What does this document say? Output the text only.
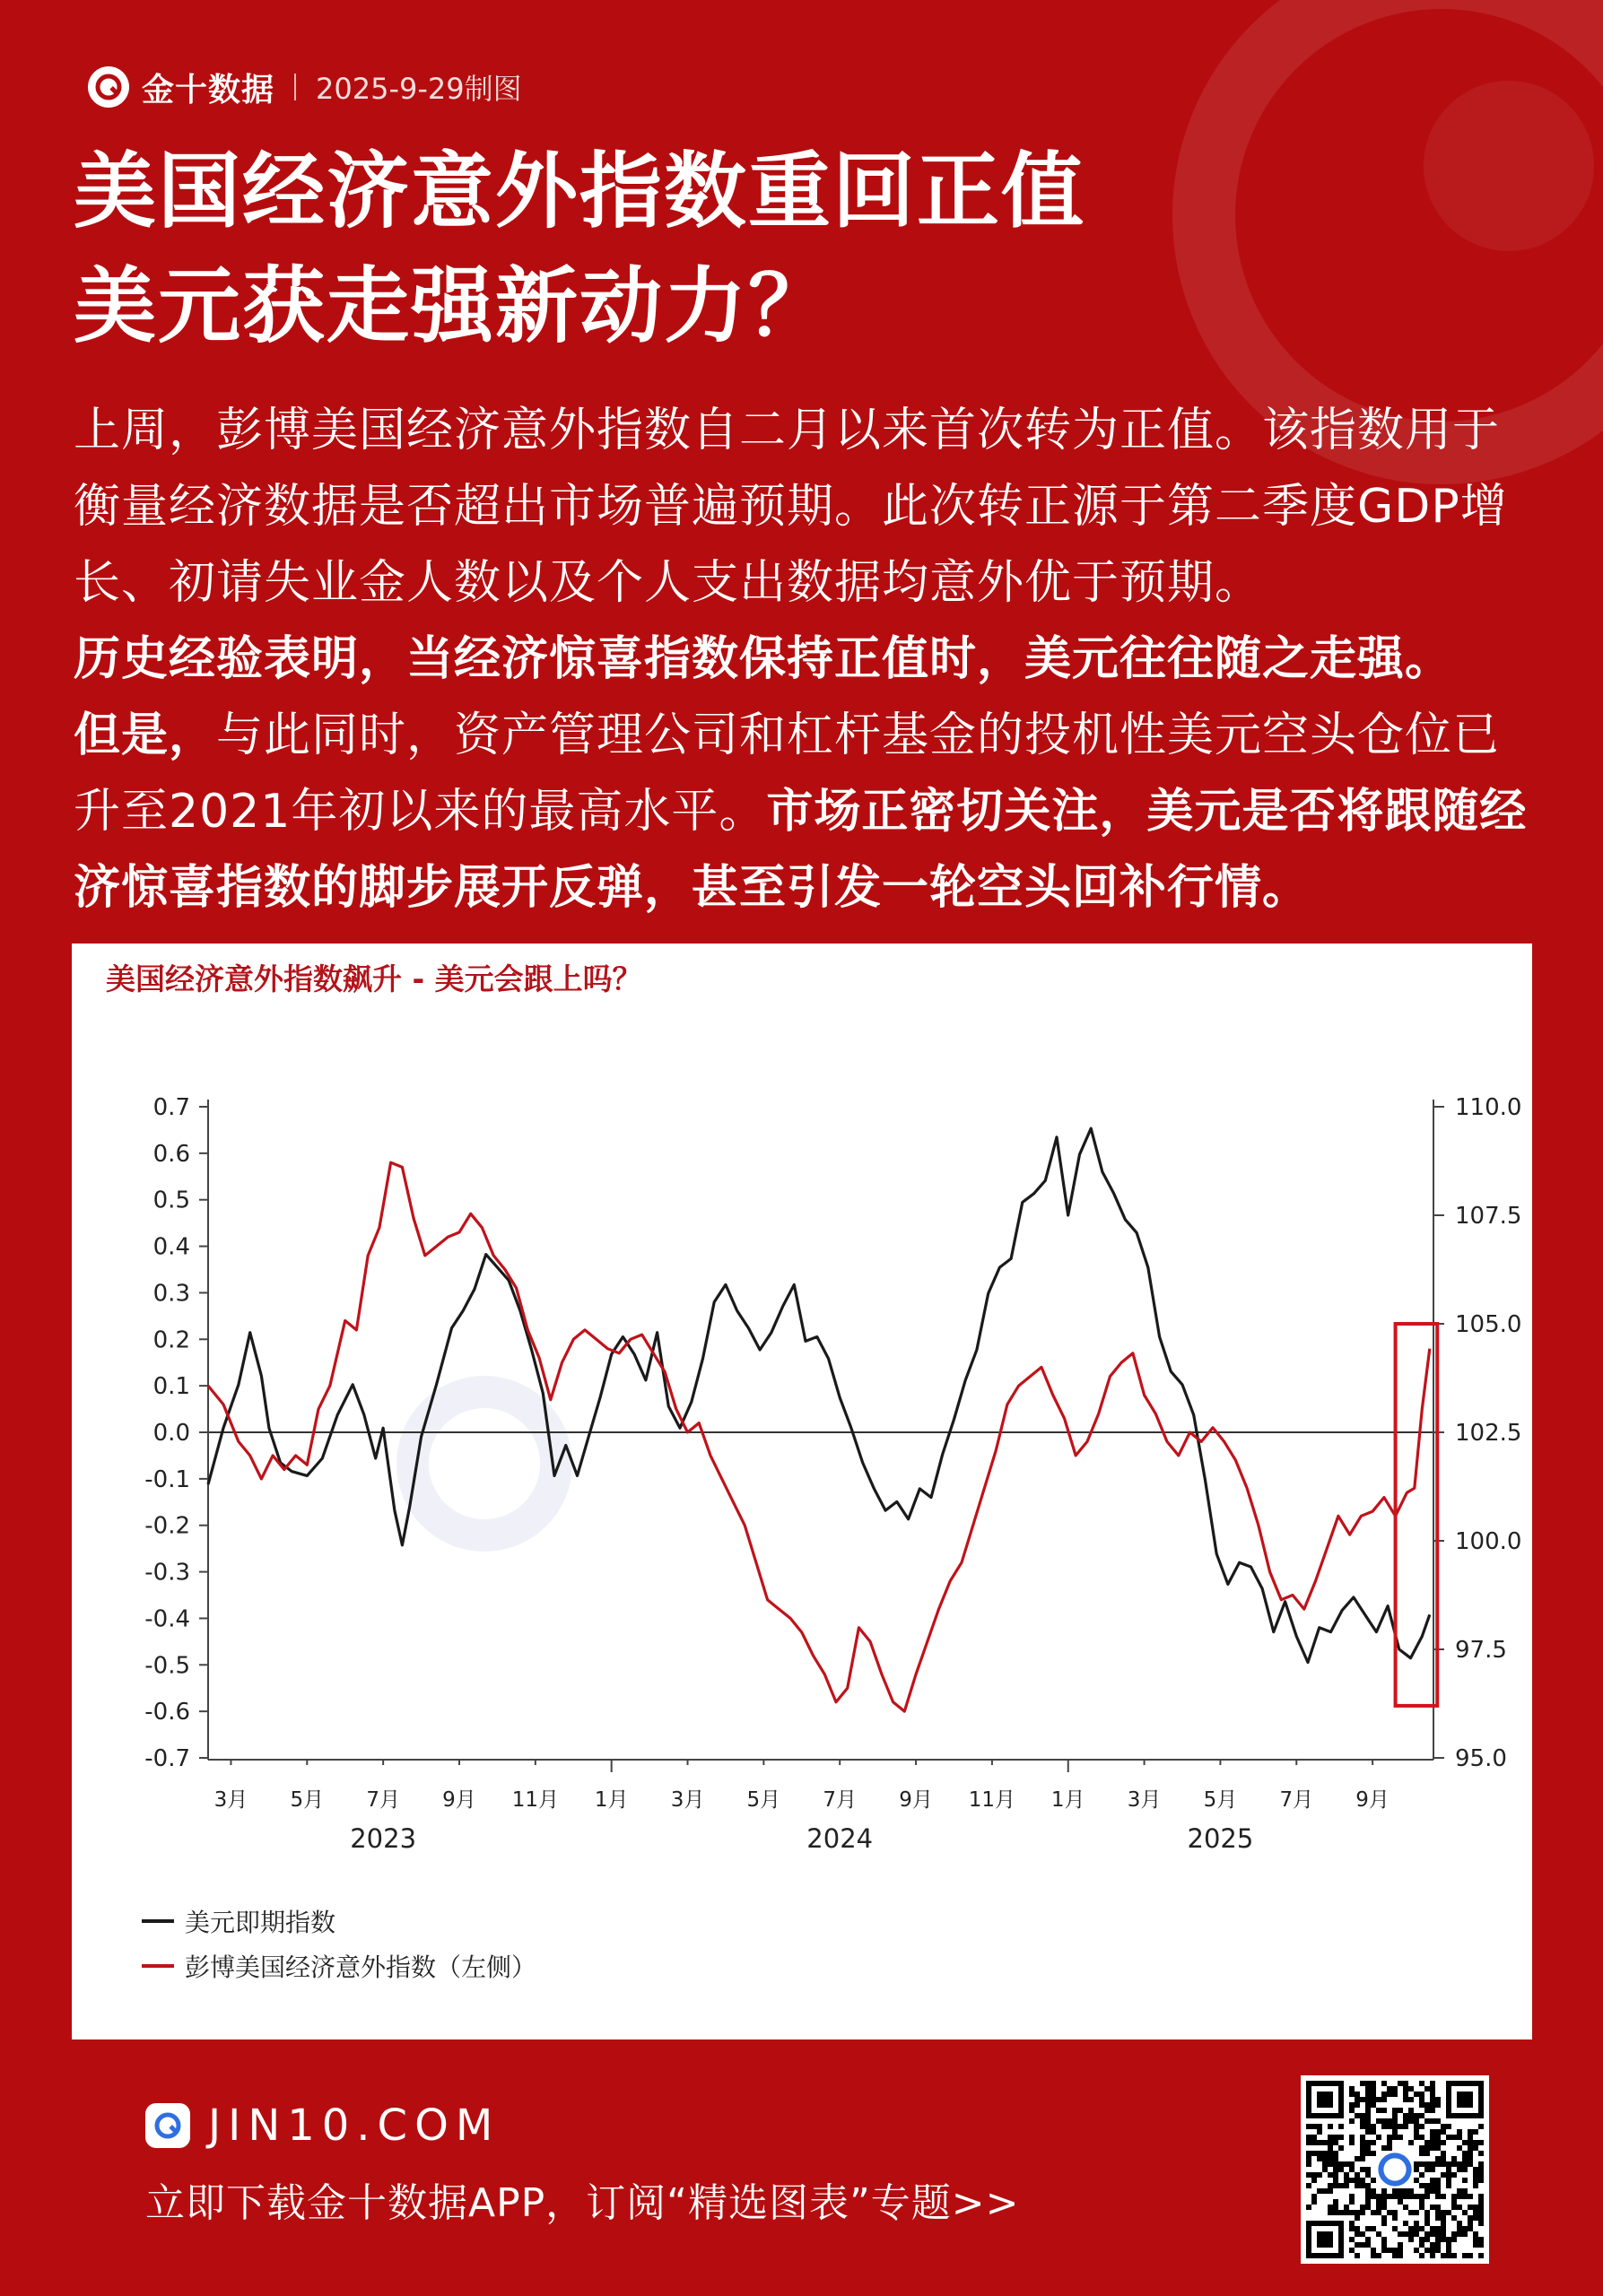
金十数据 2025-9-29制图
美国经济意外指数重回正值
美元获走强新动力？

上周，彭博美国经济意外指数自二月以来首次转为正值。该指数用于衡量经济数据是否超出市场普遍预期。此次转正源于第二季度GDP增长、初请失业金人数以及个人支出数据均意外优于预期。

历史经验表明，当经济惊喜指数保持正值时，美元往往随之走强。

但是，与此同时，资产管理公司和杠杆基金的投机性美元空头仓位已升至2021年初以来的最高水平。市场正密切关注，美元是否将跟随经济惊喜指数的脚步展开反弹，甚至引发一轮空头回补行情。

美国经济意外指数飙升 - 美元会跟上吗？
0.7
0.6
0.5
0.4
0.3
0.2
0.1
0.0
-0.1
-0.2
-0.3
-0.4
-0.5
-0.6
-0.7
110.0
107.5
105.0
102.5
100.0
97.5
95.0
3月 5月 7月 9月 11月 1月 3月 5月 7月 9月 11月 1月 3月 5月 7月 9月
2023	2024	2025
美元即期指数
彭博美国经济意外指数（左侧）
JIN10.COM
立即下载金十数据APP，订阅“精选图表”专题>>
